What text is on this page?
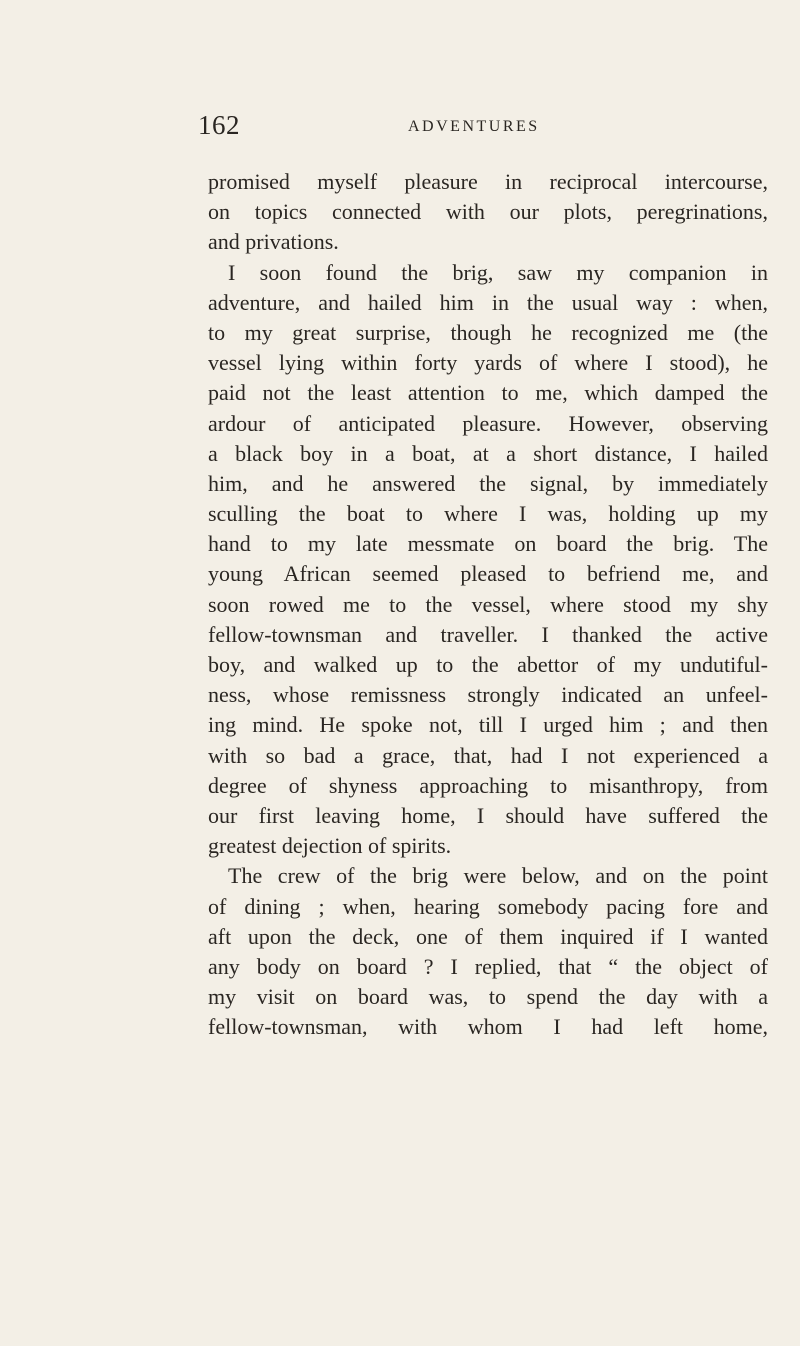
162	ADVENTURES
promised myself pleasure in reciprocal intercourse,
on topics connected with our plots, peregrinations,
and privations.
I soon found the brig, saw my companion in
adventure, and hailed him in the usual way : when,
to my great surprise, though he recognized me (the
vessel lying within forty yards of where I stood), he
paid not the least attention to me, which damped the
ardour of anticipated pleasure. However, observing
a black boy in a boat, at a short distance, I hailed
him, and he answered the signal, by immediately
sculling the boat to where I was, holding up my
hand to my late messmate on board the brig. The
young African seemed pleased to befriend me, and
soon rowed me to the vessel, where stood my shy
fellow-townsman and traveller. I thanked the active
boy, and walked up to the abettor of my undutiful-
ness, whose remissness strongly indicated an unfeel-
ing mind. He spoke not, till I urged him ; and then
with so bad a grace, that, had I not experienced a
degree of shyness approaching to misanthropy, from
our first leaving home, I should have suffered the
greatest dejection of spirits.
The crew of the brig were below, and on the point
of dining ; when, hearing somebody pacing fore and
aft upon the deck, one of them inquired if I wanted
any body on board ? I replied, that “ the object of
my visit on board was, to spend the day with a
fellow-townsman, with whom I had left home,
